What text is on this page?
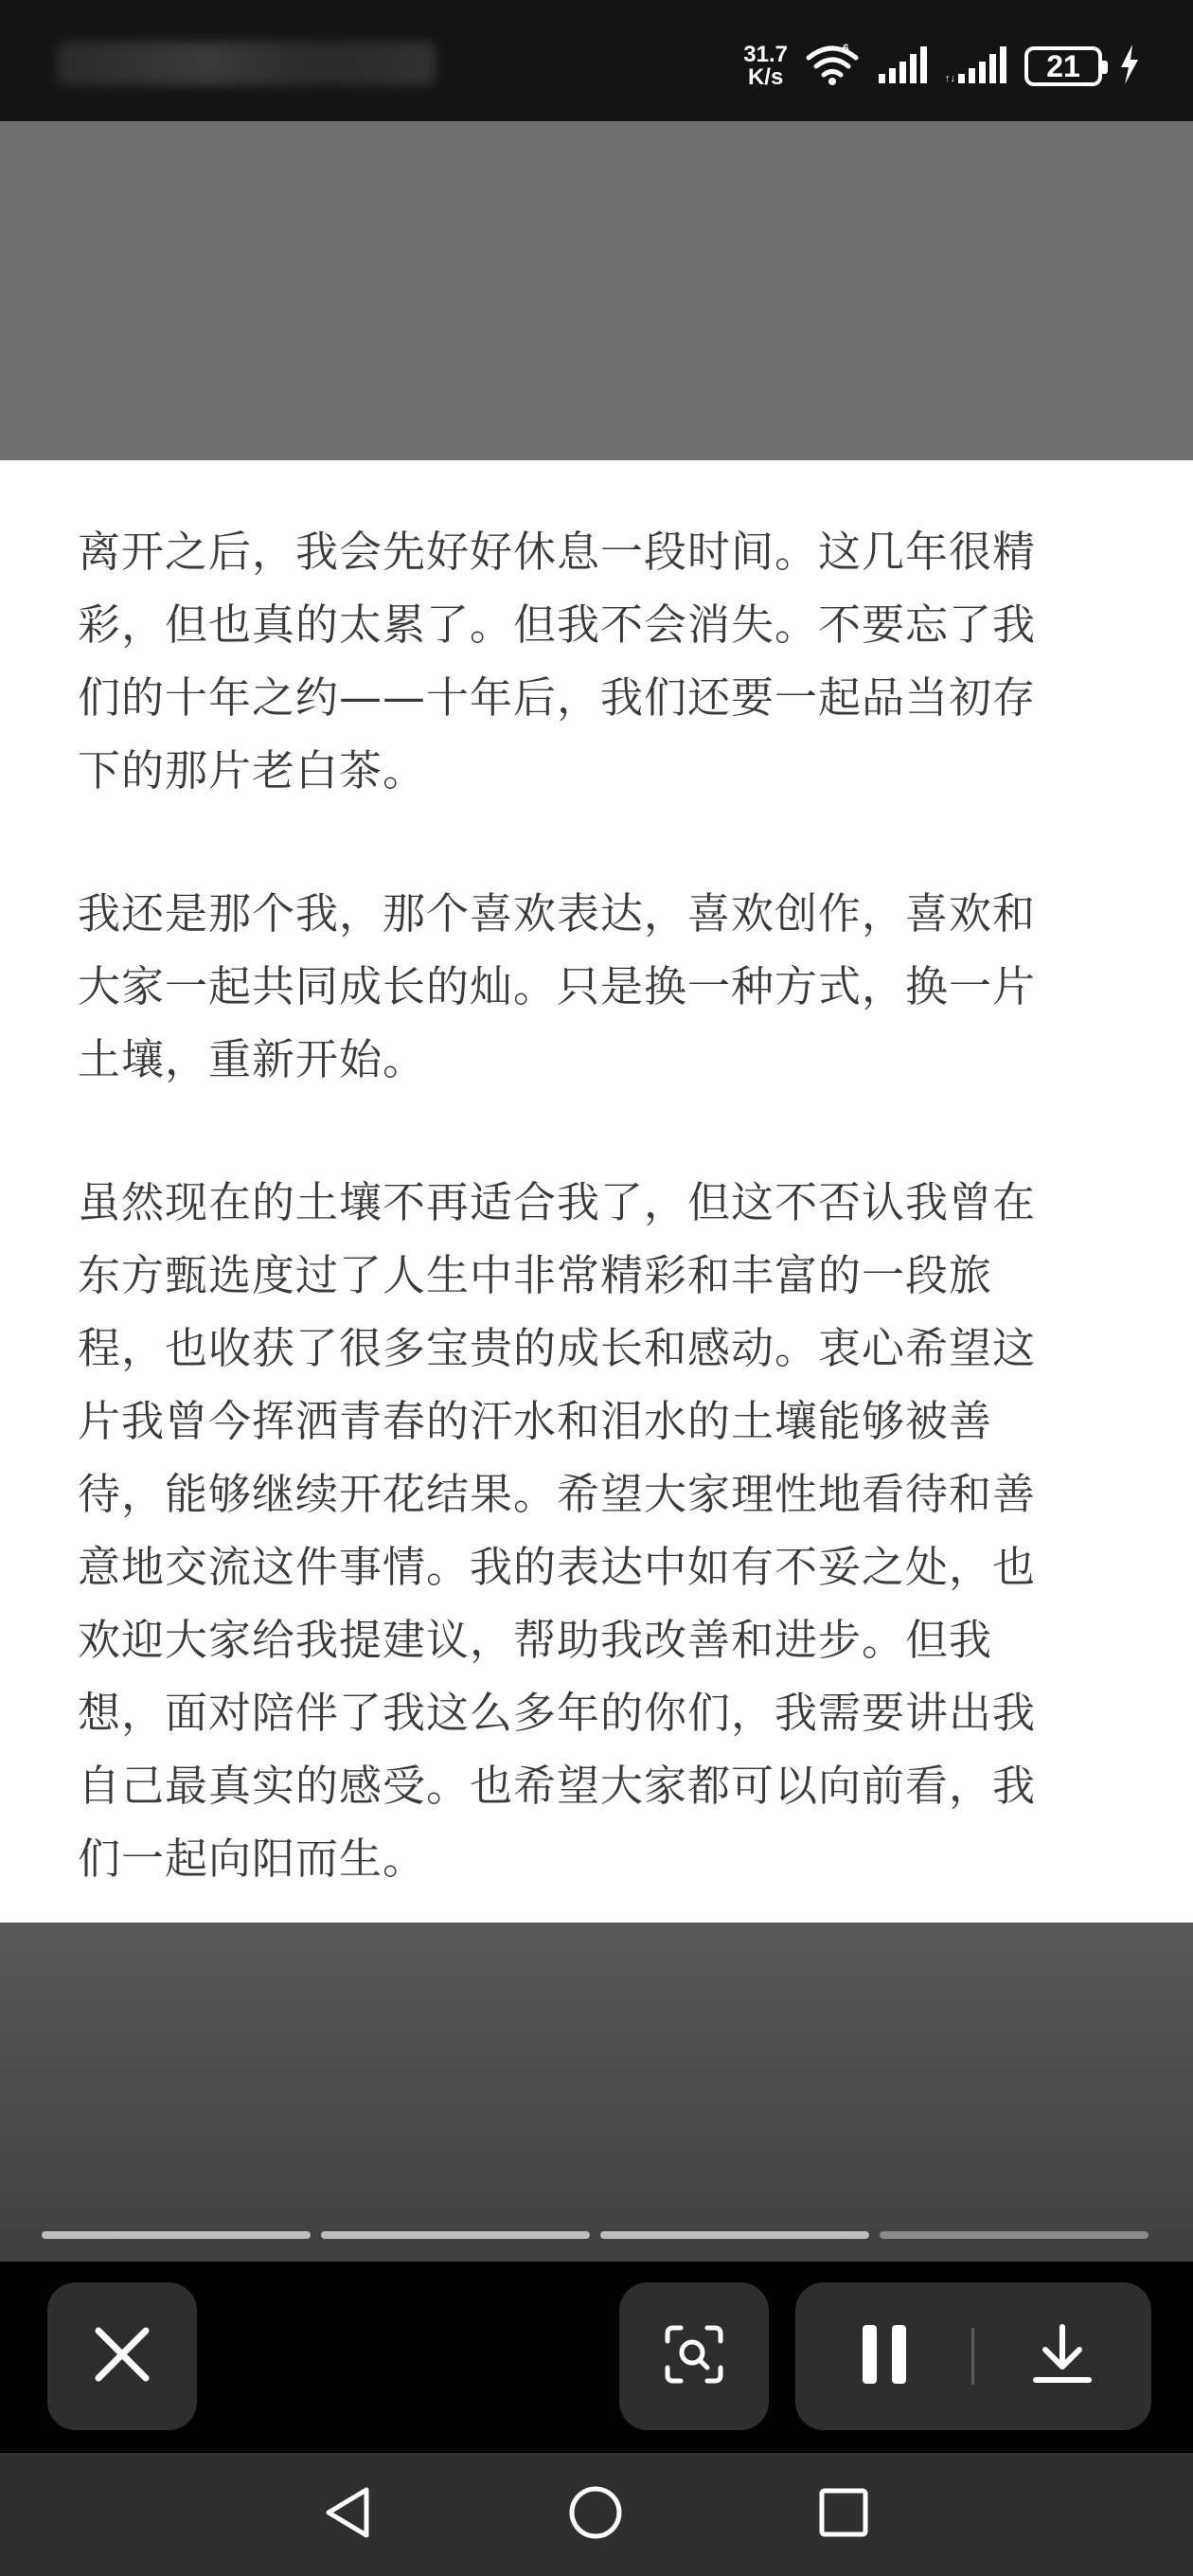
31.7
K/s
6
↑↓	21
离开之后，我会先好好休息一段时间。这几年很精
彩，但也真的太累了。但我不会消失。不要忘了我
们的十年之约——十年后，我们还要一起品当初存
下的那片老白茶。
我还是那个我，那个喜欢表达，喜欢创作，喜欢和
大家一起共同成长的灿。只是换一种方式，换一片
土壤，重新开始。
虽然现在的土壤不再适合我了，但这不否认我曾在
东方甄选度过了人生中非常精彩和丰富的一段旅
程，也收获了很多宝贵的成长和感动。衷心希望这
片我曾今挥洒青春的汗水和泪水的土壤能够被善
待，能够继续开花结果。希望大家理性地看待和善
意地交流这件事情。我的表达中如有不妥之处，也
欢迎大家给我提建议，帮助我改善和进步。但我
想，面对陪伴了我这么多年的你们，我需要讲出我
自己最真实的感受。也希望大家都可以向前看，我
们一起向阳而生。
